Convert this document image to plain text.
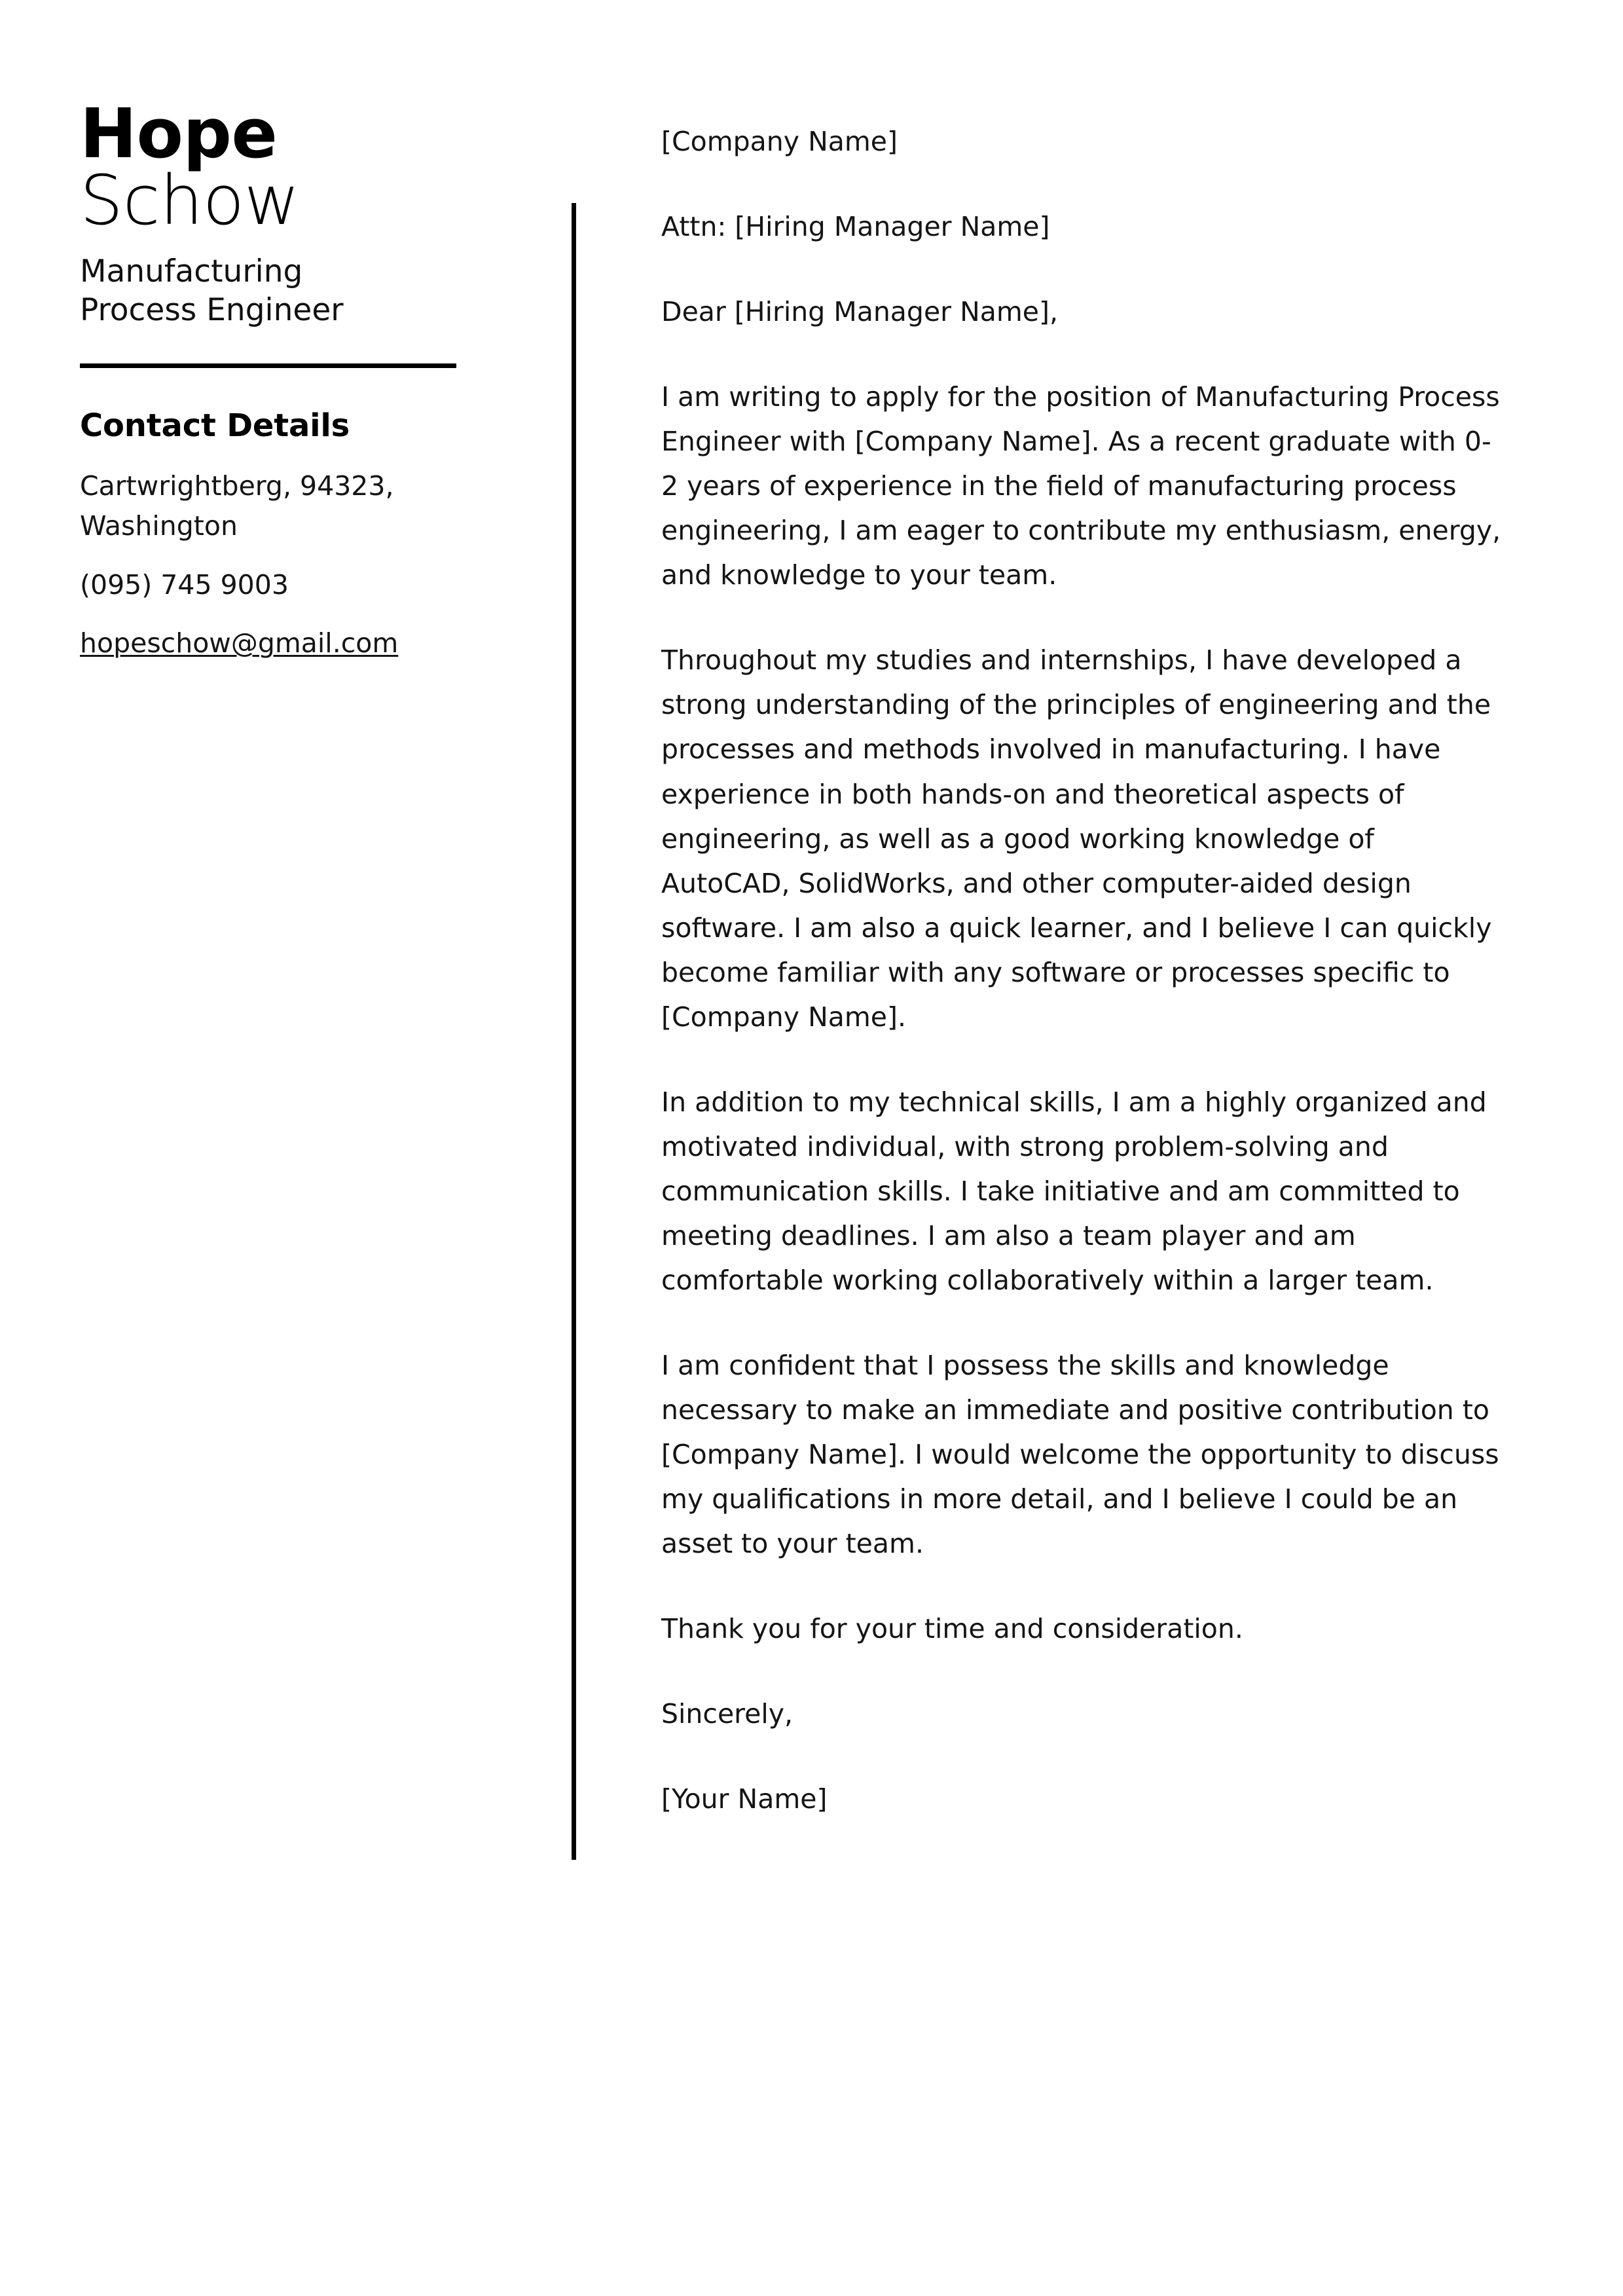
Hope
Schow
Manufacturing Process Engineer
Contact Details
Cartwrightberg, 94323, Washington
(095) 745 9003
hopeschow@gmail.com

[Company Name]

Attn: [Hiring Manager Name]

Dear [Hiring Manager Name],

I am writing to apply for the position of Manufacturing Process Engineer with [Company Name]. As a recent graduate with 0-2 years of experience in the field of manufacturing process engineering, I am eager to contribute my enthusiasm, energy, and knowledge to your team.

Throughout my studies and internships, I have developed a strong understanding of the principles of engineering and the processes and methods involved in manufacturing. I have experience in both hands-on and theoretical aspects of engineering, as well as a good working knowledge of AutoCAD, SolidWorks, and other computer-aided design software. I am also a quick learner, and I believe I can quickly become familiar with any software or processes specific to [Company Name].

In addition to my technical skills, I am a highly organized and motivated individual, with strong problem-solving and communication skills. I take initiative and am committed to meeting deadlines. I am also a team player and am comfortable working collaboratively within a larger team.

I am confident that I possess the skills and knowledge necessary to make an immediate and positive contribution to [Company Name]. I would welcome the opportunity to discuss my qualifications in more detail, and I believe I could be an asset to your team.

Thank you for your time and consideration.

Sincerely,

[Your Name]
